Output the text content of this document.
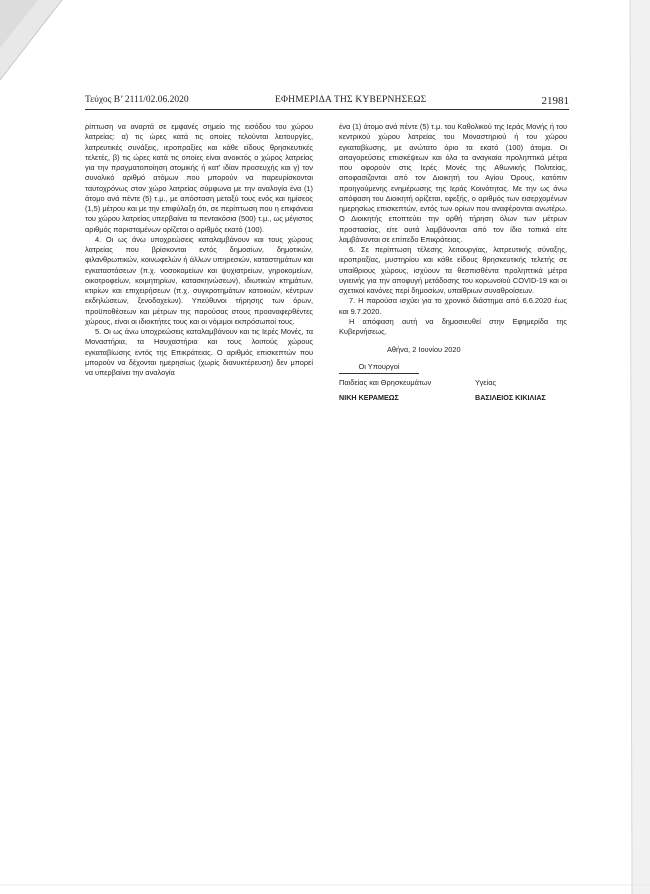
Τεύχος Β’ 2111/02.06.2020	ΕΦΗΜΕΡΙΔΑ ΤΗΣ ΚΥΒΕΡΝΗΣΕΩΣ	21981

ρίπτωση να αναρτά σε εμφανές σημείο της εισόδου του χώρου λατρείας: α) τις ώρες κατά τις οποίες τελούνται λειτουργίες, λατρευτικές συνάξεις, ιεροπραξίες και κάθε είδους θρησκευτικές τελετές, β) τις ώρες κατά τις οποίες είναι ανοικτός ο χώρος λατρείας για την πραγματοποίηση ατομικής ή κατ' ιδίαν προσευχής και γ) τον συνολικό αριθμό ατόμων που μπορούν να παρευρίσκονται ταυτοχρόνως στον χώρο λατρείας σύμφωνα με την αναλογία ένα (1) άτομο ανά πέντε (5) τ.μ., με απόσταση μεταξύ τους ενός και ημίσεος (1,5) μέτρου και με την επιφύλαξη ότι, σε περίπτωση που η επιφάνεια του χώρου λατρείας υπερβαίνει τα πεντακόσια (500) τ.μ., ως μέγιστος αριθμός παρισταμένων ορίζεται ο αριθμός εκατό (100).

4. Οι ως άνω υποχρεώσεις καταλαμβάνουν και τους χώρους λατρείας που βρίσκονται εντός δημοσίων, δημοτικών, φιλανθρωπικών, κοινωφελών ή άλλων υπηρεσιών, καταστημάτων και εγκαταστάσεων (π.χ. νοσοκομείων και ψυχιατρείων, γηροκομείων, οικοτροφείων, κοιμητηρίων, κατασκηνώσεων), ιδιωτικών κτημάτων, κτιρίων και επιχειρήσεων (π.χ. συγκροτημάτων κατοικιών, κέντρων εκδηλώσεων, ξενοδοχείων). Υπεύθυνοι τήρησης των όρων, προϋποθέσεων και μέτρων της παρούσας στους προαναφερθέντες χώρους, είναι οι ιδιοκτήτες τους και οι νόμιμοι εκπρόσωποί τους.

5. Οι ως άνω υποχρεώσεις καταλαμβάνουν και τις Ιερές Μονές, τα Μοναστήρια, τα Ησυχαστήρια και τους λοιπούς χώρους εγκαταβίωσης εντός της Επικράτειας. Ο αριθμός επισκεπτών που μπορούν να δέχονται ημερησίως (χωρίς διανυκτέρευση) δεν μπορεί να υπερβαίνει την αναλογία

ένα (1) άτομο ανά πέντε (5) τ.μ. του Καθολικού της Ιεράς Μονής ή του κεντρικού χώρου λατρείας του Μοναστηριού ή του χώρου εγκαταβίωσης, με ανώτατο όριο τα εκατό (100) άτομα. Οι απαγορεύσεις επισκέψεων και όλα τα αναγκαία προληπτικά μέτρα που αφορούν στις Ιερές Μονές της Αθωνικής Πολιτείας, αποφασίζονται από τον Διοικητή του Αγίου Όρους, κατόπιν προηγούμενης ενημέρωσης της Ιεράς Κοινότητας. Με την ως άνω απόφαση του Διοικητή ορίζεται, εφεξής, ο αριθμός των εισερχομένων ημερησίως επισκεπτών, εντός των ορίων που αναφέρονται ανωτέρω. Ο Διοικητής εποπτεύει την ορθή τήρηση όλων των μέτρων προστασίας, είτε αυτά λαμβάνονται από τον ίδιο τοπικά είτε λαμβάνονται σε επίπεδο Επικράτειας.

6. Σε περίπτωση τέλεσης λειτουργίας, λατρευτικής σύναξης, ιεροπραξίας, μυστηρίου και κάθε είδους θρησκευτικής τελετής σε υπαίθριους χώρους, ισχύουν τα θεσπισθέντα προληπτικά μέτρα υγιεινής για την αποφυγή μετάδοσης του κορωνοϊού COVID-19 και οι σχετικοί κανόνες περί δημοσίων, υπαίθριων συναθροίσεων.

7. Η παρούσα ισχύει για το χρονικό διάστημα από 6.6.2020 έως και 9.7.2020.

Η απόφαση αυτή να δημοσιευθεί στην Εφημερίδα της Κυβερνήσεως.

Αθήνα, 2 Ιουνίου 2020

Οι Υπουργοί

Παιδείας και Θρησκευμάτων	Υγείας
ΝΙΚΗ ΚΕΡΑΜΕΩΣ	ΒΑΣΙΛΕΙΟΣ ΚΙΚΙΛΙΑΣ
